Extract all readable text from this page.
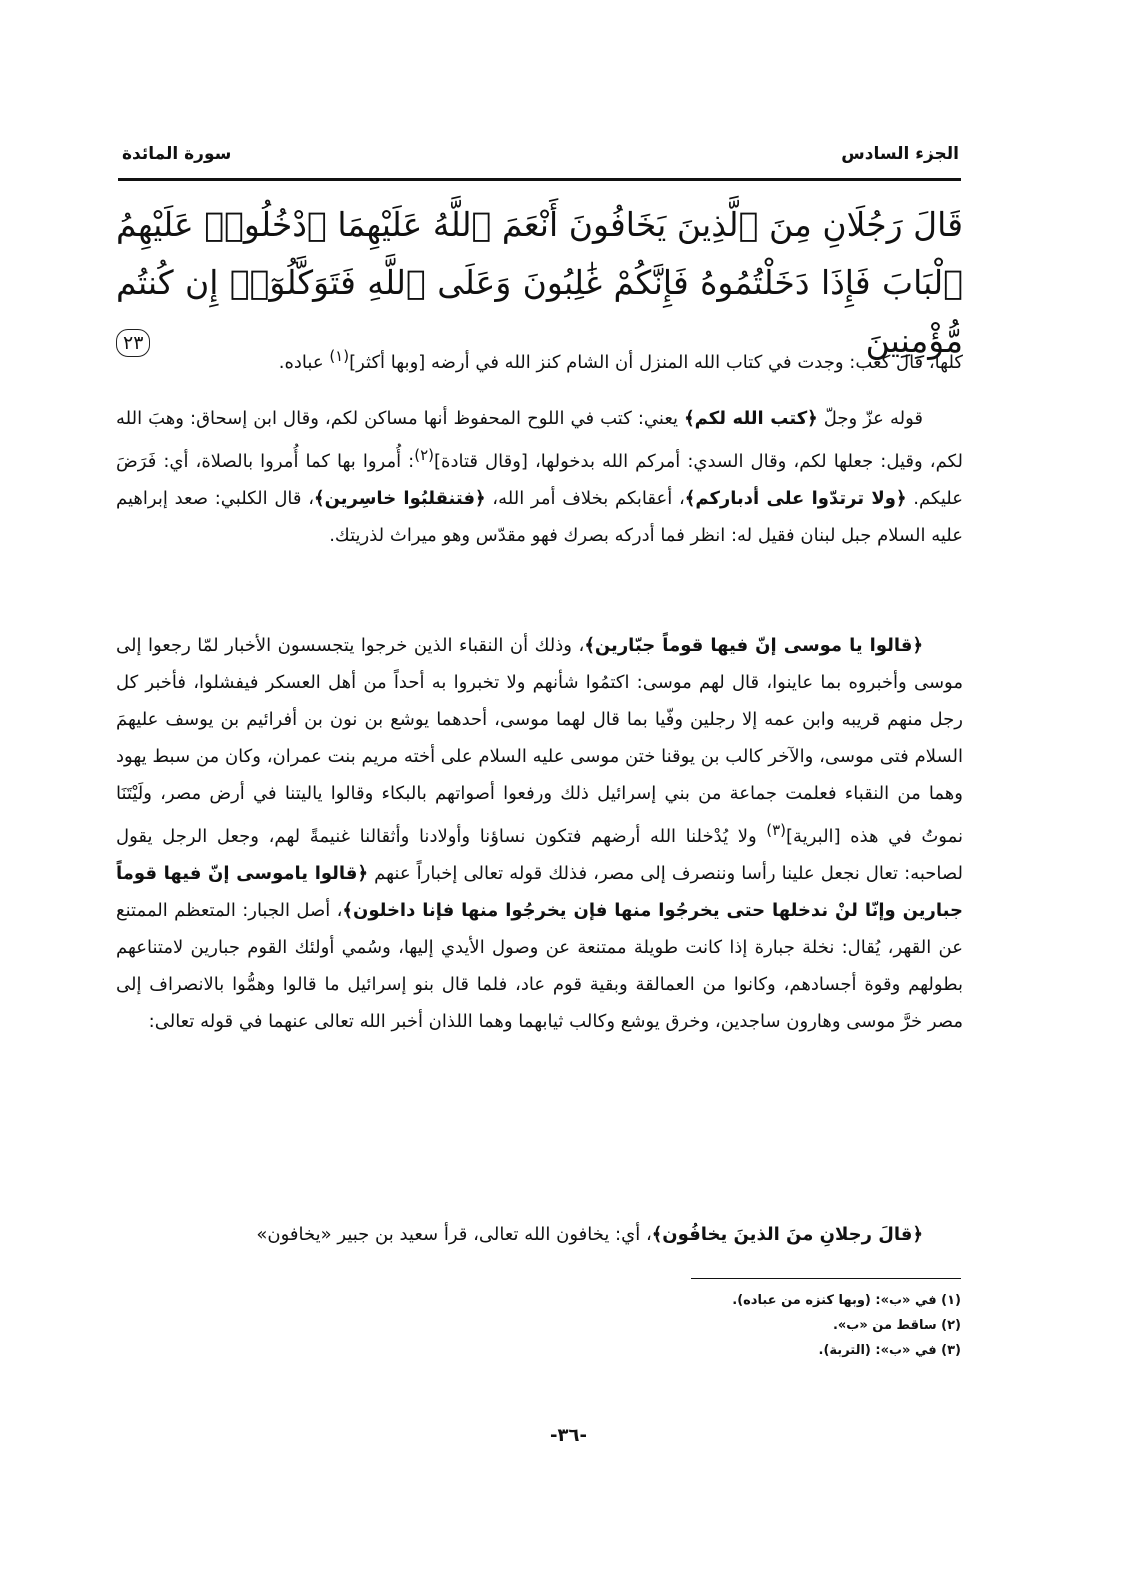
الجزء السادس
سورة المائدة
قَالَ رَجُلَانِ مِنَ ٱلَّذِينَ يَخَافُونَ أَنْعَمَ ٱللَّهُ عَلَيْهِمَا ٱدْخُلُوا۟ عَلَيْهِمُ ٱلْبَابَ فَإِذَا دَخَلْتُمُوهُ فَإِنَّكُمْ غَٰلِبُونَ وَعَلَى ٱللَّهِ فَتَوَكَّلُوٓا۟ إِن كُنتُم مُّؤْمِنِينَ ٢٣
كلها، قال كعب: وجدت في كتاب الله المنزل أن الشام كنز الله في أرضه [وبها أكثر]$^{(١)}$ عباده.
قوله عزّ وجلّ ﴿كتب الله لكم﴾ يعني: كتب في اللوح المحفوظ أنها مساكن لكم، وقال ابن إسحاق: وهبَ الله لكم، وقيل: جعلها لكم، وقال السدي: أمركم الله بدخولها، [وقال قتادة]$^{(٢)}$: أُمروا بها كما أُمروا بالصلاة، أي: فَرَضَ عليكم. ﴿ولا ترتدّوا على أدباركم﴾، أعقابكم بخلاف أمر الله، ﴿فتنقلبُوا خاسِرين﴾، قال الكلبي: صعد إبراهيم عليه السلام جبل لبنان فقيل له: انظر فما أدركه بصرك فهو مقدّس وهو ميراث لذريتك.
﴿قالوا يا موسى إنّ فيها قوماً جبّارين﴾، وذلك أن النقباء الذين خرجوا يتجسسون الأخبار لمّا رجعوا إلى موسى وأخبروه بما عاينوا، قال لهم موسى: اكتمُوا شأنهم ولا تخبروا به أحداً من أهل العسكر فيفشلوا، فأخبر كل رجل منهم قريبه وابن عمه إلا رجلين وفّيا بما قال لهما موسى، أحدهما يوشع بن نون بن أفرائيم بن يوسف عليهمَ السلام فتى موسى، والآخر كالب بن يوقنا ختن موسى عليه السلام على أخته مريم بنت عمران، وكان من سبط يهود وهما من النقباء فعلمت جماعة من بني إسرائيل ذلك ورفعوا أصواتهم بالبكاء وقالوا ياليتنا في أرض مصر، ولَيْتَنَا نموتُ في هذه [البرية]$^{(٣)}$ ولا يُدْخلنا الله أرضهم فتكون نساؤنا وأولادنا وأثقالنا غنيمةً لهم، وجعل الرجل يقول لصاحبه: تعال نجعل علينا رأسا وننصرف إلى مصر، فذلك قوله تعالى إخباراً عنهم ﴿قالوا ياموسى إنّ فيها قوماً جبارين وإنّا لنْ ندخلها حتى يخرجُوا منها فإن يخرجُوا منها فإنا داخلون﴾، أصل الجبار: المتعظم الممتنع عن القهر، يُقال: نخلة جبارة إذا كانت طويلة ممتنعة عن وصول الأيدي إليها، وسُمي أولئك القوم جبارين لامتناعهم بطولهم وقوة أجسادهم، وكانوا من العمالقة وبقية قوم عاد، فلما قال بنو إسرائيل ما قالوا وهمُّوا بالانصراف إلى مصر خرَّ موسى وهارون ساجدين، وخرق يوشع وكالب ثيابهما وهما اللذان أخبر الله تعالى عنهما في قوله تعالى:
﴿قالَ رجلانِ منَ الذينَ يخافُون﴾، أي: يخافون الله تعالى، قرأ سعيد بن جبير «يخافون»
(١) في «ب»: (وبها كنزه من عباده).
(٢) ساقط من «ب».
(٣) في «ب»: (التربة).
-٣٦-
